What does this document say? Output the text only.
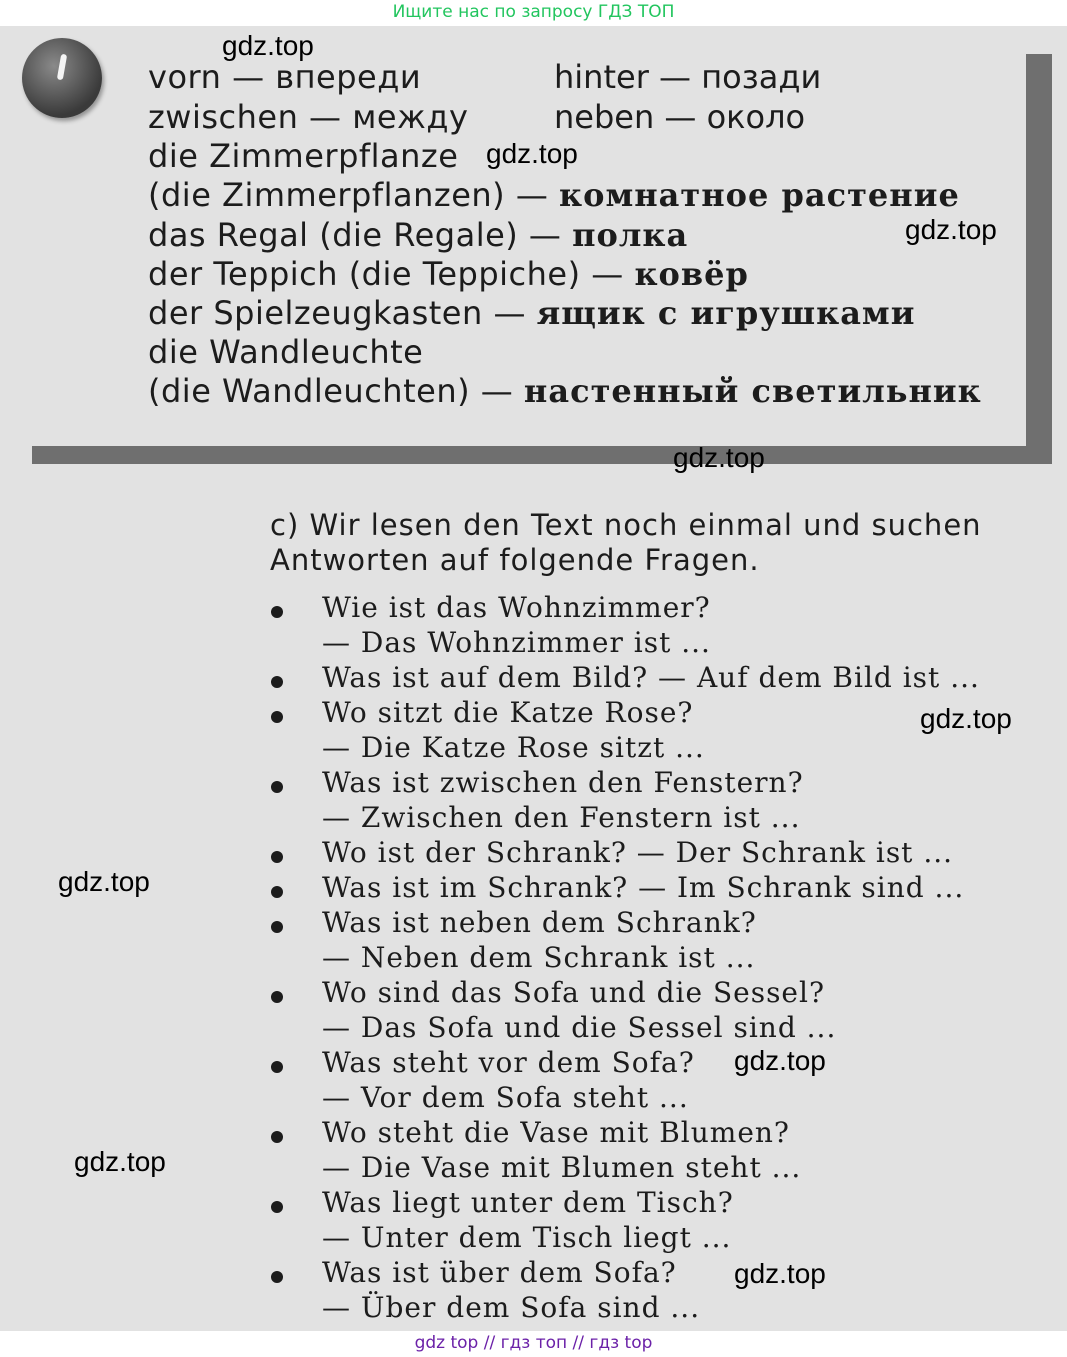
Ищите нас по запросу ГДЗ ТОП
vorn — впереди	hinter — позади
zwischen — между	neben — около
die Zimmerpflanze
(die Zimmerpflanzen) — комнатное растение
das Regal (die Regale) — полка
der Teppich (die Teppiche) — ковёр
der Spielzeugkasten — ящик с игрушками
die Wandleuchte
(die Wandleuchten) — настенный светильник
c) Wir lesen den Text noch einmal und suchen
Antworten auf folgende Fragen.
Wie ist das Wohnzimmer?
— Das Wohnzimmer ist ...
Was ist auf dem Bild? — Auf dem Bild ist ...
Wo sitzt die Katze Rose?
— Die Katze Rose sitzt ...
Was ist zwischen den Fenstern?
— Zwischen den Fenstern ist ...
Wo ist der Schrank? — Der Schrank ist ...
Was ist im Schrank? — Im Schrank sind ...
Was ist neben dem Schrank?
— Neben dem Schrank ist ...
Wo sind das Sofa und die Sessel?
— Das Sofa und die Sessel sind ...
Was steht vor dem Sofa?
— Vor dem Sofa steht ...
Wo steht die Vase mit Blumen?
— Die Vase mit Blumen steht ...
Was liegt unter dem Tisch?
— Unter dem Tisch liegt ...
Was ist über dem Sofa?
— Über dem Sofa sind ...
gdz.top
gdz.top
gdz.top
gdz.top
gdz.top
gdz.top
gdz.top
gdz.top
gdz.top
gdz top // гдз топ // гдз top
